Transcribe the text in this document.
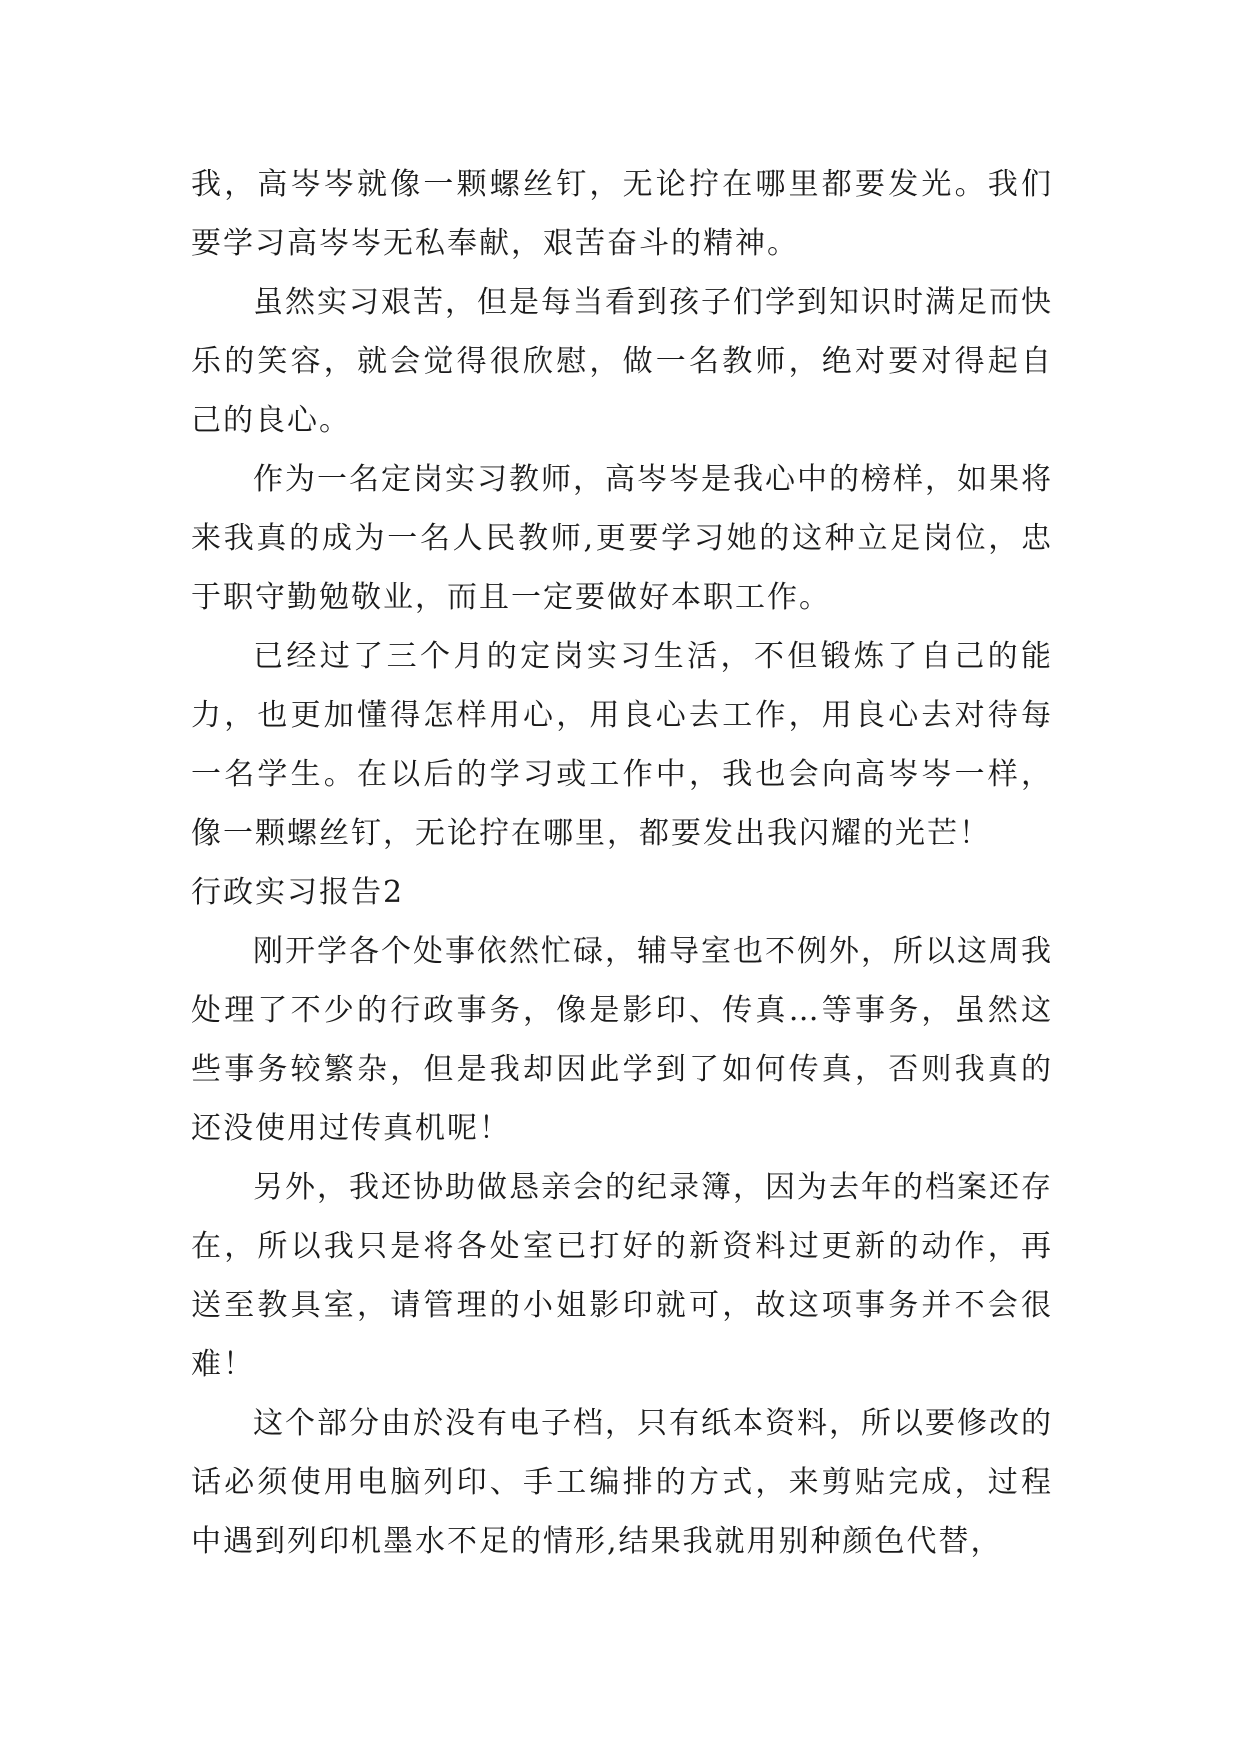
我，高岑岑就像一颗螺丝钉，无论拧在哪里都要发光。我们要学习高岑岑无私奉献，艰苦奋斗的精神。

虽然实习艰苦，但是每当看到孩子们学到知识时满足而快乐的笑容，就会觉得很欣慰，做一名教师，绝对要对得起自己的良心。

作为一名定岗实习教师，高岑岑是我心中的榜样，如果将来我真的成为一名人民教师,更要学习她的这种立足岗位，忠于职守勤勉敬业，而且一定要做好本职工作。

已经过了三个月的定岗实习生活，不但锻炼了自己的能力，也更加懂得怎样用心，用良心去工作，用良心去对待每一名学生。在以后的学习或工作中，我也会向高岑岑一样，像一颗螺丝钉，无论拧在哪里，都要发出我闪耀的光芒！

行政实习报告2

刚开学各个处事依然忙碌，辅导室也不例外，所以这周我处理了不少的行政事务，像是影印、传真…等事务，虽然这些事务较繁杂，但是我却因此学到了如何传真，否则我真的还没使用过传真机呢！

另外，我还协助做恳亲会的纪录簿，因为去年的档案还存在，所以我只是将各处室已打好的新资料过更新的动作，再送至教具室，请管理的小姐影印就可，故这项事务并不会很难！

这个部分由於没有电子档，只有纸本资料，所以要修改的话必须使用电脑列印、手工编排的方式，来剪贴完成，过程中遇到列印机墨水不足的情形,结果我就用别种颜色代替，
